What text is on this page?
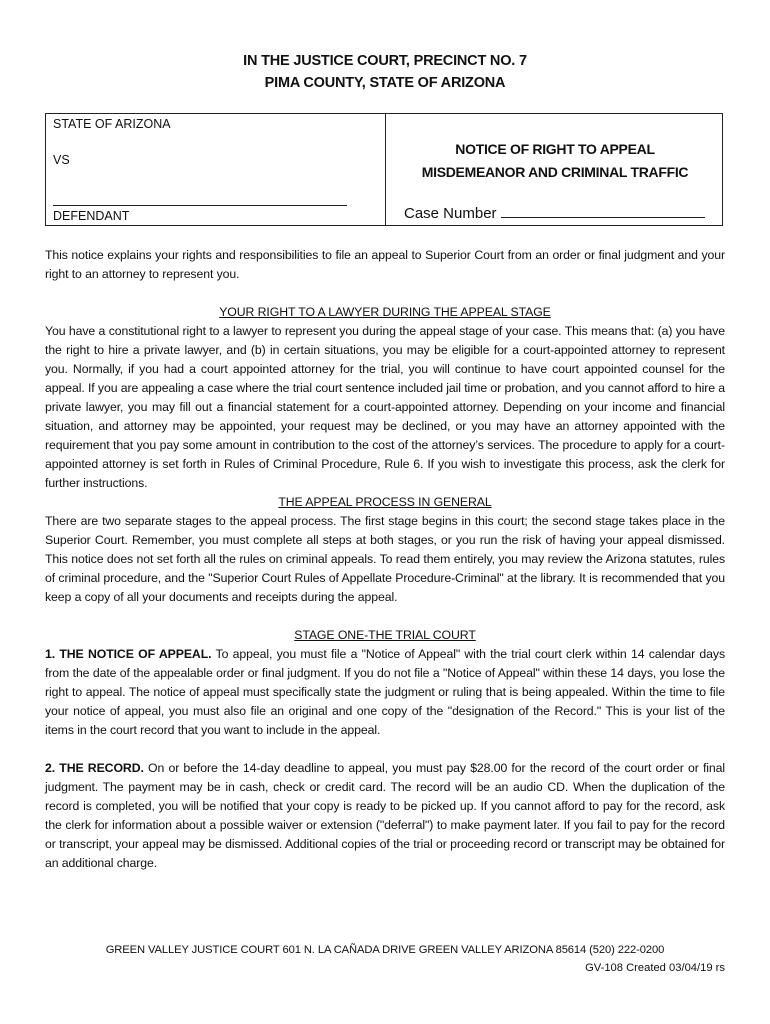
IN THE JUSTICE COURT, PRECINCT NO. 7
PIMA COUNTY, STATE OF ARIZONA
STATE OF ARIZONA
VS
DEFENDANT
NOTICE OF RIGHT TO APPEAL
MISDEMEANOR AND CRIMINAL TRAFFIC
Case Number

This notice explains your rights and responsibilities to file an appeal to Superior Court from an order or final judgment and your right to an attorney to represent you.

YOUR RIGHT TO A LAWYER DURING THE APPEAL STAGE

You have a constitutional right to a lawyer to represent you during the appeal stage of your case. This means that: (a) you have the right to hire a private lawyer, and (b) in certain situations, you may be eligible for a court-appointed attorney to represent you. Normally, if you had a court appointed attorney for the trial, you will continue to have court appointed counsel for the appeal. If you are appealing a case where the trial court sentence included jail time or probation, and you cannot afford to hire a private lawyer, you may fill out a financial statement for a court-appointed attorney. Depending on your income and financial situation, and attorney may be appointed, your request may be declined, or you may have an attorney appointed with the requirement that you pay some amount in contribution to the cost of the attorney’s services. The procedure to apply for a court-appointed attorney is set forth in Rules of Criminal Procedure, Rule 6. If you wish to investigate this process, ask the clerk for further instructions.

THE APPEAL PROCESS IN GENERAL

There are two separate stages to the appeal process. The first stage begins in this court; the second stage takes place in the Superior Court. Remember, you must complete all steps at both stages, or you run the risk of having your appeal dismissed. This notice does not set forth all the rules on criminal appeals. To read them entirely, you may review the Arizona statutes, rules of criminal procedure, and the "Superior Court Rules of Appellate Procedure-Criminal" at the library. It is recommended that you keep a copy of all your documents and receipts during the appeal.

STAGE ONE-THE TRIAL COURT

1. THE NOTICE OF APPEAL. To appeal, you must file a "Notice of Appeal" with the trial court clerk within 14 calendar days from the date of the appealable order or final judgment. If you do not file a "Notice of Appeal" within these 14 days, you lose the right to appeal. The notice of appeal must specifically state the judgment or ruling that is being appealed. Within the time to file your notice of appeal, you must also file an original and one copy of the "designation of the Record." This is your list of the items in the court record that you want to include in the appeal.

2. THE RECORD. On or before the 14-day deadline to appeal, you must pay $28.00 for the record of the court order or final judgment. The payment may be in cash, check or credit card. The record will be an audio CD. When the duplication of the record is completed, you will be notified that your copy is ready to be picked up. If you cannot afford to pay for the record, ask the clerk for information about a possible waiver or extension ("deferral") to make payment later. If you fail to pay for the record or transcript, your appeal may be dismissed. Additional copies of the trial or proceeding record or transcript may be obtained for an additional charge.

GREEN VALLEY JUSTICE COURT 601 N. LA CAÑADA DRIVE GREEN VALLEY ARIZONA 85614 (520) 222-0200
GV-108 Created 03/04/19 rs
